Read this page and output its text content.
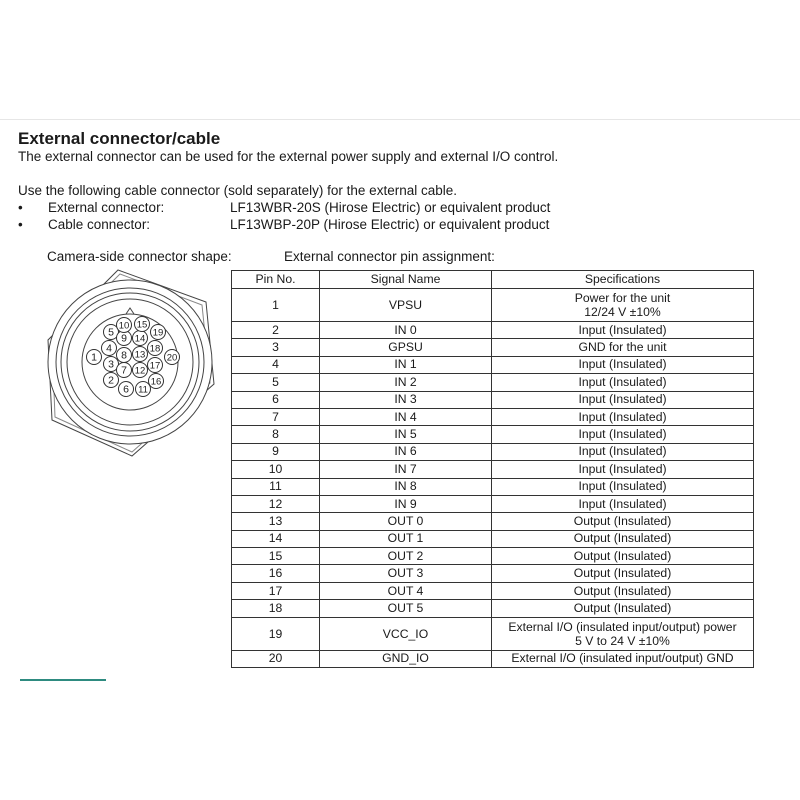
External connector/cable
The external connector can be used for the external power supply and external I/O control.
Use the following cable connector (sold separately) for the external cable.
• External connector:	LF13WBR-20S (Hirose Electric) or equivalent product
• Cable connector:	LF13WBP-20P (Hirose Electric) or equivalent product
Camera-side connector shape:	External connector pin assignment:
1
2
3
4
5
6
7
8
9
10
11
12
13
14
15
16
17
18
19
20
Pin No.	Signal Name	Specifications
1	VPSU	Power for the unit
12/24 V ±10%

2	IN 0	Input (Insulated)
3	GPSU	GND for the unit
4	IN 1	Input (Insulated)
5	IN 2	Input (Insulated)
6	IN 3	Input (Insulated)
7	IN 4	Input (Insulated)
8	IN 5	Input (Insulated)
9	IN 6	Input (Insulated)
10	IN 7	Input (Insulated)
11	IN 8	Input (Insulated)
12	IN 9	Input (Insulated)
13	OUT 0	Output (Insulated)
14	OUT 1	Output (Insulated)
15	OUT 2	Output (Insulated)
16	OUT 3	Output (Insulated)
17	OUT 4	Output (Insulated)
18	OUT 5	Output (Insulated)
19	VCC_IO	External I/O (insulated input/output) power
5 V to 24 V ±10%

20	GND_IO	External I/O (insulated input/output) GND
